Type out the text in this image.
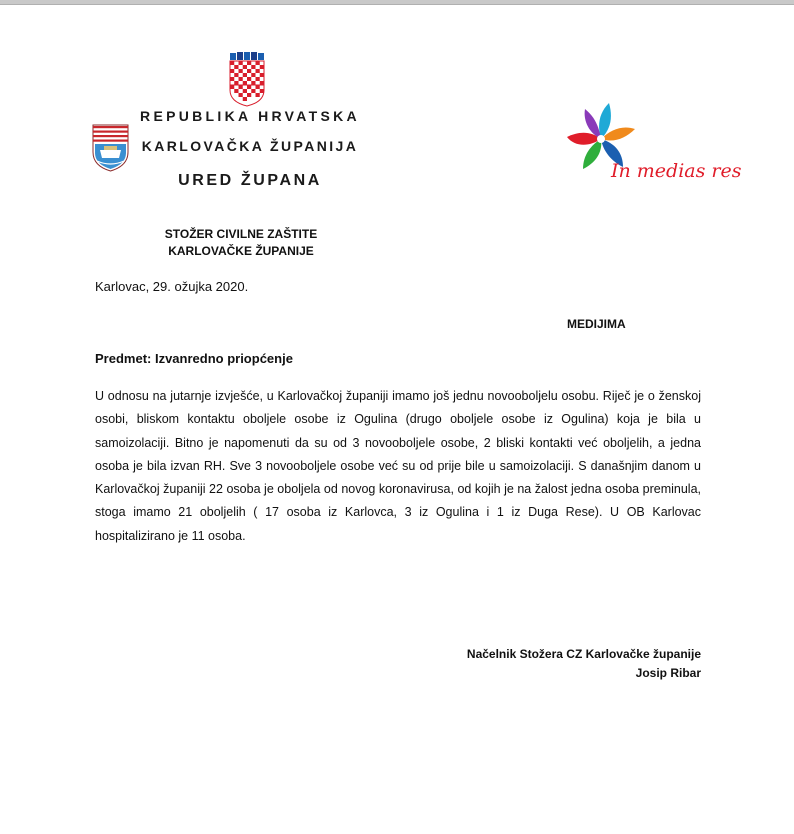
REPUBLIKA HRVATSKA
KARLOVAČKA ŽUPANIJA
URED ŽUPANA	In medias res
STOŽER CIVILNE ZAŠTITE
KARLOVAČKE ŽUPANIJE
Karlovac, 29. ožujka 2020.
MEDIJIMA
Predmet: Izvanredno priopćenje

U odnosu na jutarnje izvješće, u Karlovačkoj županiji imamo još jednu novooboljelu osobu. Riječ je o ženskoj osobi, bliskom kontaktu oboljele osobe iz Ogulina (drugo oboljele osobe iz Ogulina) koja je bila u samoizolaciji. Bitno je napomenuti da su od 3 novooboljele osobe, 2 bliski kontakti već oboljelih, a jedna osoba je bila izvan RH. Sve 3 novooboljele osobe već su od prije bile u samoizolaciji. S današnjim danom u Karlovačkoj županiji 22 osoba je oboljela od novog koronavirusa, od kojih je na žalost jedna osoba preminula, stoga imamo 21 oboljelih ( 17 osoba iz Karlovca, 3 iz Ogulina i 1 iz Duga Rese). U OB Karlovac hospitalizirano je 11 osoba.

Načelnik Stožera CZ Karlovačke županije
Josip Ribar
